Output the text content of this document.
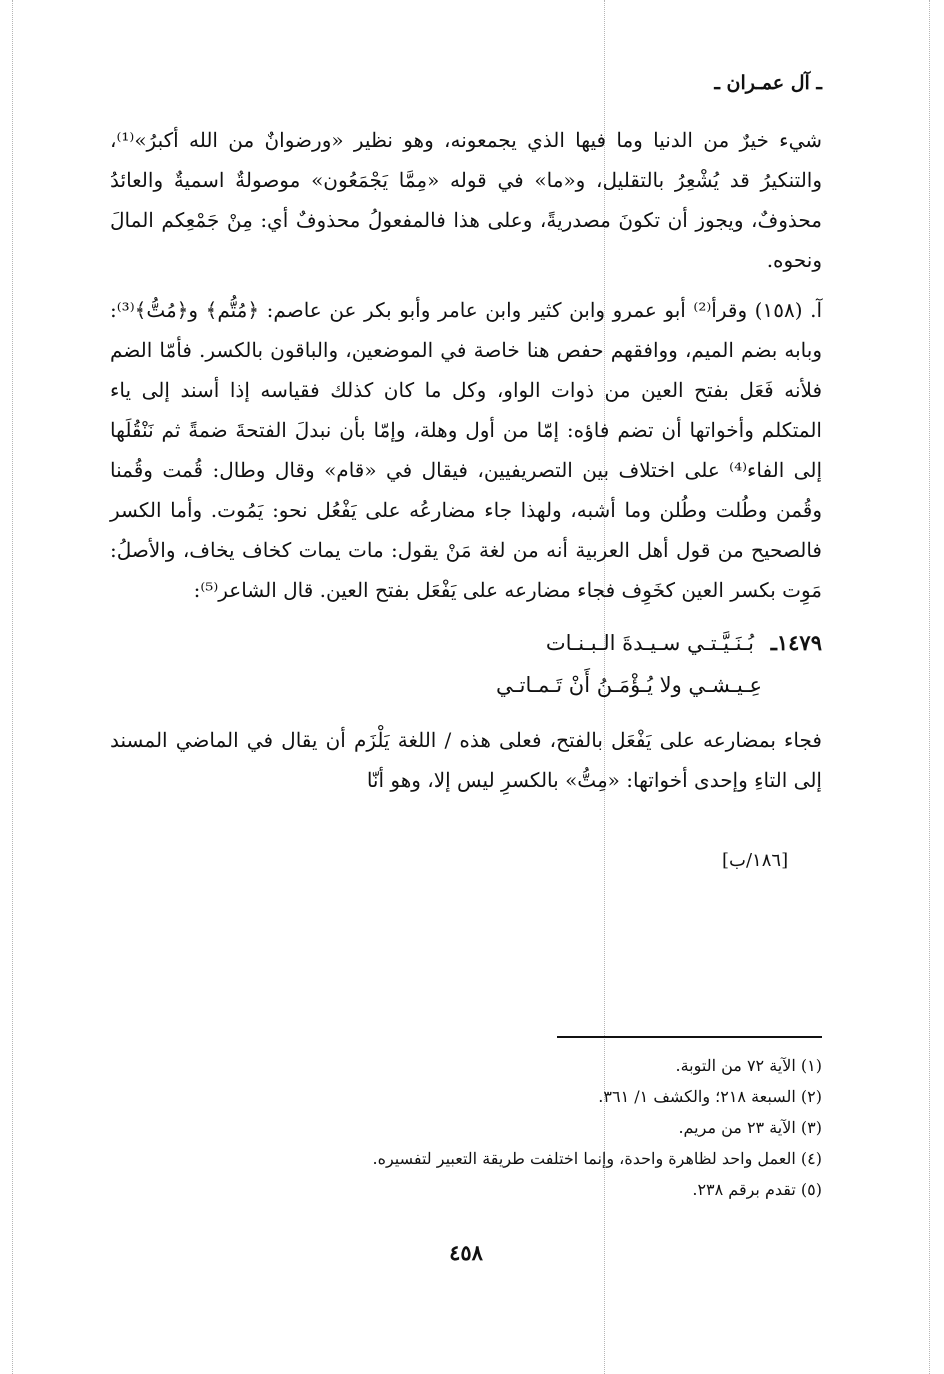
ـ آل عمـران ـ

شيء خيرٌ من الدنيا وما فيها الذي يجمعونه، وهو نظير «ورضوانٌ من الله أكبرُ»⁽¹⁾، والتنكيرُ قد يُشْعِرُ بالتقليل، و«ما» في قوله «مِمَّا يَجْمَعُون» موصولةٌ اسميةٌ والعائدُ محذوفٌ، ويجوز أن تكونَ مصدريةً، وعلى هذا فالمفعولُ محذوفٌ أي: مِنْ جَمْعِكم المالَ ونحوه.

آ. (١٥٨) وقرأ⁽²⁾ أبو عمرو وابن كثير وابن عامر وأبو بكر عن عاصم: ﴿مُتُّم﴾ و﴿مُتُّ﴾⁽³⁾: وبابه بضم الميم، ووافقهم حفص هنا خاصة في الموضعين، والباقون بالكسر. فأمّا الضم فلأنه فَعَل بفتح العين من ذوات الواو، وكل ما كان كذلك فقياسه إذا أسند إلى ياء المتكلم وأخواتها أن تضم فاؤه: إمّا من أول وهلة، وإمّا بأن نبدلَ الفتحةَ ضمةً ثم نَنْقُلَها إلى الفاء⁽⁴⁾ على اختلاف بين التصريفيين، فيقال في «قام» وقال وطال: قُمت وقُمنا وقُمن وطُلت وطُلن وما أشبه، ولهذا جاء مضارعُه على يَفْعُل نحو: يَمُوت. وأما الكسر فالصحيح من قول أهل العربية أنه من لغة مَنْ يقول: مات يمات كخاف يخاف، والأصلُ: مَوِت بكسر العين كخَوِف فجاء مضارعه على يَفْعَل بفتح العين. قال الشاعر⁽⁵⁾:

١٤٧٩ـ بُـنَـيَّـتـي سـيـدةَ الـبـنـات
عِـيـشـي ولا يُـؤْمَـنُ أَنْ تَـمـاتـي

فجاء بمضارعه على يَفْعَل بالفتح، فعلى هذه / اللغة يَلْزَم أن يقال في الماضي المسند إلى التاءِ وإحدى أخواتها: «مِتُّ» بالكسرِ ليس إلا، وهو أنّا

(١) الآية ٧٢ من التوبة.
(٢) السبعة ٢١٨؛ والكشف ١/ ٣٦١.
(٣) الآية ٢٣ من مريم.
(٤) العمل واحد لظاهرة واحدة، وإنما اختلفت طريقة التعبير لتفسيره.
(٥) تقدم برقم ٢٣٨.
٤٥٨
[١٨٦/ب]
